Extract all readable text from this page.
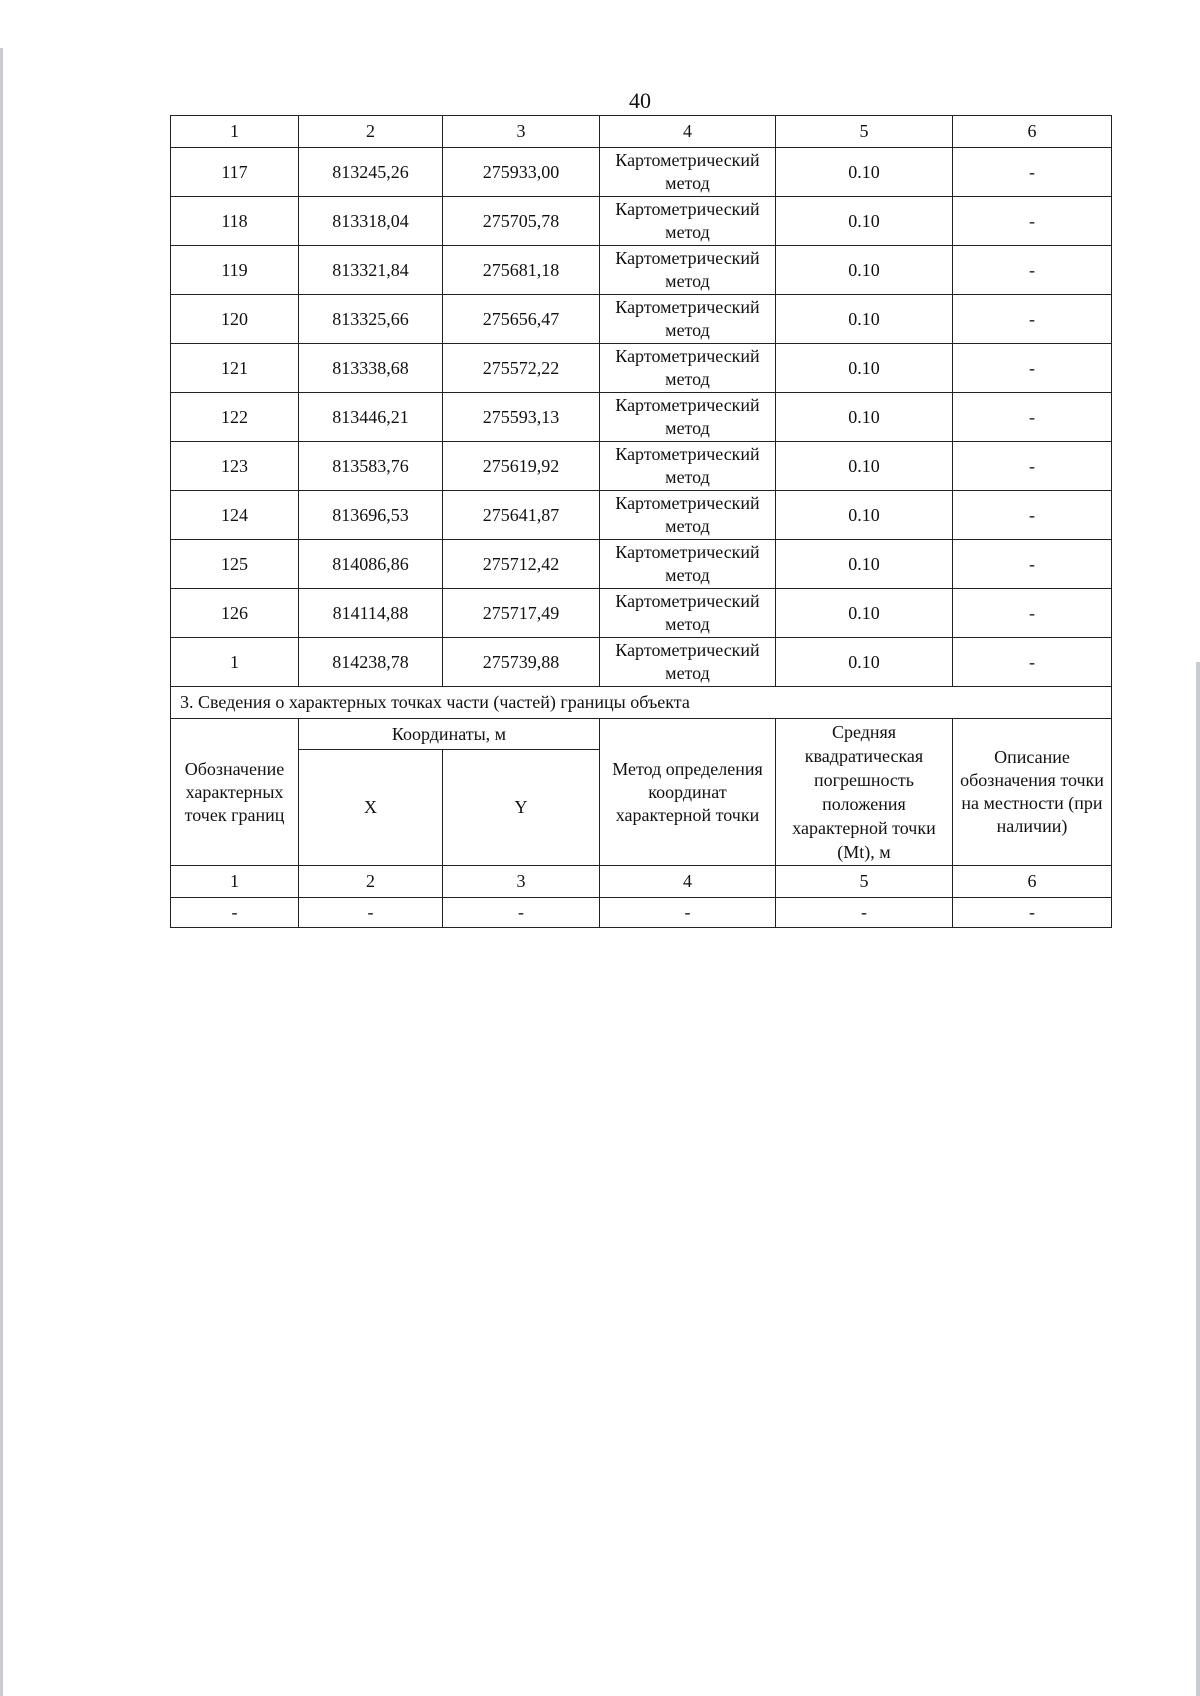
40
1	2	3	4	5	6
117	813245,26	275933,00	Картометрический метод	0.10	-
118	813318,04	275705,78	Картометрический метод	0.10	-
119	813321,84	275681,18	Картометрический метод	0.10	-
120	813325,66	275656,47	Картометрический метод	0.10	-
121	813338,68	275572,22	Картометрический метод	0.10	-
122	813446,21	275593,13	Картометрический метод	0.10	-
123	813583,76	275619,92	Картометрический метод	0.10	-
124	813696,53	275641,87	Картометрический метод	0.10	-
125	814086,86	275712,42	Картометрический метод	0.10	-
126	814114,88	275717,49	Картометрический метод	0.10	-
1	814238,78	275739,88	Картометрический метод	0.10	-
3. Сведения о характерных точках части (частей) границы объекта					
Обозначение характерных точек границ	Координаты, м		Метод определения координат характерной точки	Средняя квадратическая погрешность положения характерной точки (Mt), м	Описание обозначения точки на местности (при наличии)
	X	Y			
1	2	3	4	5	6
-	-	-	-	-	-
